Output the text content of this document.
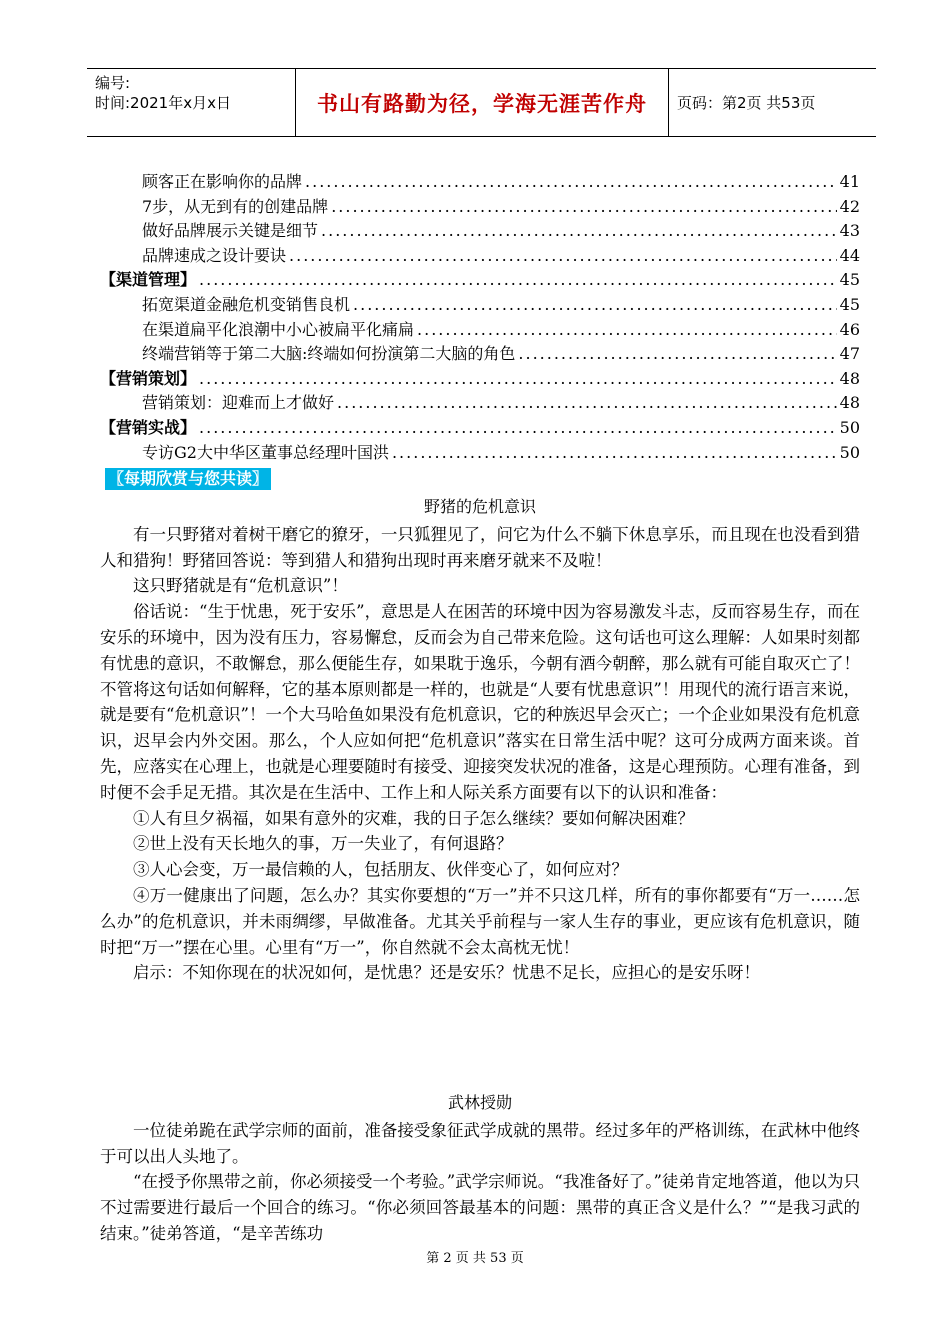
编号:
时间:2021年x月x日	书山有路勤为径，学海无涯苦作舟	页码：第2页 共53页
顾客正在影响你的品牌 .....	41
7步，从无到有的创建品牌 .....	42
做好品牌展示关键是细节 .....	43
品牌速成之设计要诀 .....	44
【渠道管理】 .....	45
拓宽渠道金融危机变销售良机 .....	45
在渠道扁平化浪潮中小心被扁平化痛扁 .....	46
终端营销等于第二大脑:终端如何扮演第二大脑的角色 .....	47
【营销策划】 .....	48
营销策划：迎难而上才做好 .....	48
【营销实战】 .....	50
专访G2大中华区董事总经理叶国洪 .....	50
〖每期欣赏与您共读〗
野猪的危机意识

有一只野猪对着树干磨它的獠牙，一只狐狸见了，问它为什么不躺下休息享乐，而且现在也没看到猎人和猎狗！野猪回答说：等到猎人和猎狗出现时再来磨牙就来不及啦！

这只野猪就是有“危机意识”！

俗话说：“生于忧患，死于安乐”，意思是人在困苦的环境中因为容易激发斗志，反而容易生存，而在安乐的环境中，因为没有压力，容易懈怠，反而会为自己带来危险。这句话也可这么理解：人如果时刻都有忧患的意识，不敢懈怠，那么便能生存，如果耽于逸乐，今朝有酒今朝醉，那么就有可能自取灭亡了！不管将这句话如何解释，它的基本原则都是一样的，也就是“人要有忧患意识”！用现代的流行语言来说，就是要有“危机意识”！一个大马哈鱼如果没有危机意识，它的种族迟早会灭亡；一个企业如果没有危机意识，迟早会内外交困。那么，个人应如何把“危机意识”落实在日常生活中呢？这可分成两方面来谈。首先，应落实在心理上，也就是心理要随时有接受、迎接突发状况的准备，这是心理预防。心理有准备，到时便不会手足无措。其次是在生活中、工作上和人际关系方面要有以下的认识和准备：

①人有旦夕祸福，如果有意外的灾难，我的日子怎么继续？要如何解决困难？

②世上没有天长地久的事，万一失业了，有何退路？

③人心会变，万一最信赖的人，包括朋友、伙伴变心了，如何应对？

④万一健康出了问题，怎么办？其实你要想的“万一”并不只这几样，所有的事你都要有“万一……怎么办”的危机意识，并未雨绸缪，早做准备。尤其关乎前程与一家人生存的事业，更应该有危机意识，随时把“万一”摆在心里。心里有“万一”，你自然就不会太高枕无忧！

启示：不知你现在的状况如何，是忧患？还是安乐？忧患不足长，应担心的是安乐呀！

武林授勋

一位徒弟跪在武学宗师的面前，准备接受象征武学成就的黑带。经过多年的严格训练，在武林中他终于可以出人头地了。

“在授予你黑带之前，你必须接受一个考验。”武学宗师说。“我准备好了。”徒弟肯定地答道，他以为只不过需要进行最后一个回合的练习。“你必须回答最基本的问题：黑带的真正含义是什么？”“是我习武的结束。”徒弟答道，“是辛苦练功

第 2 页 共 53 页
